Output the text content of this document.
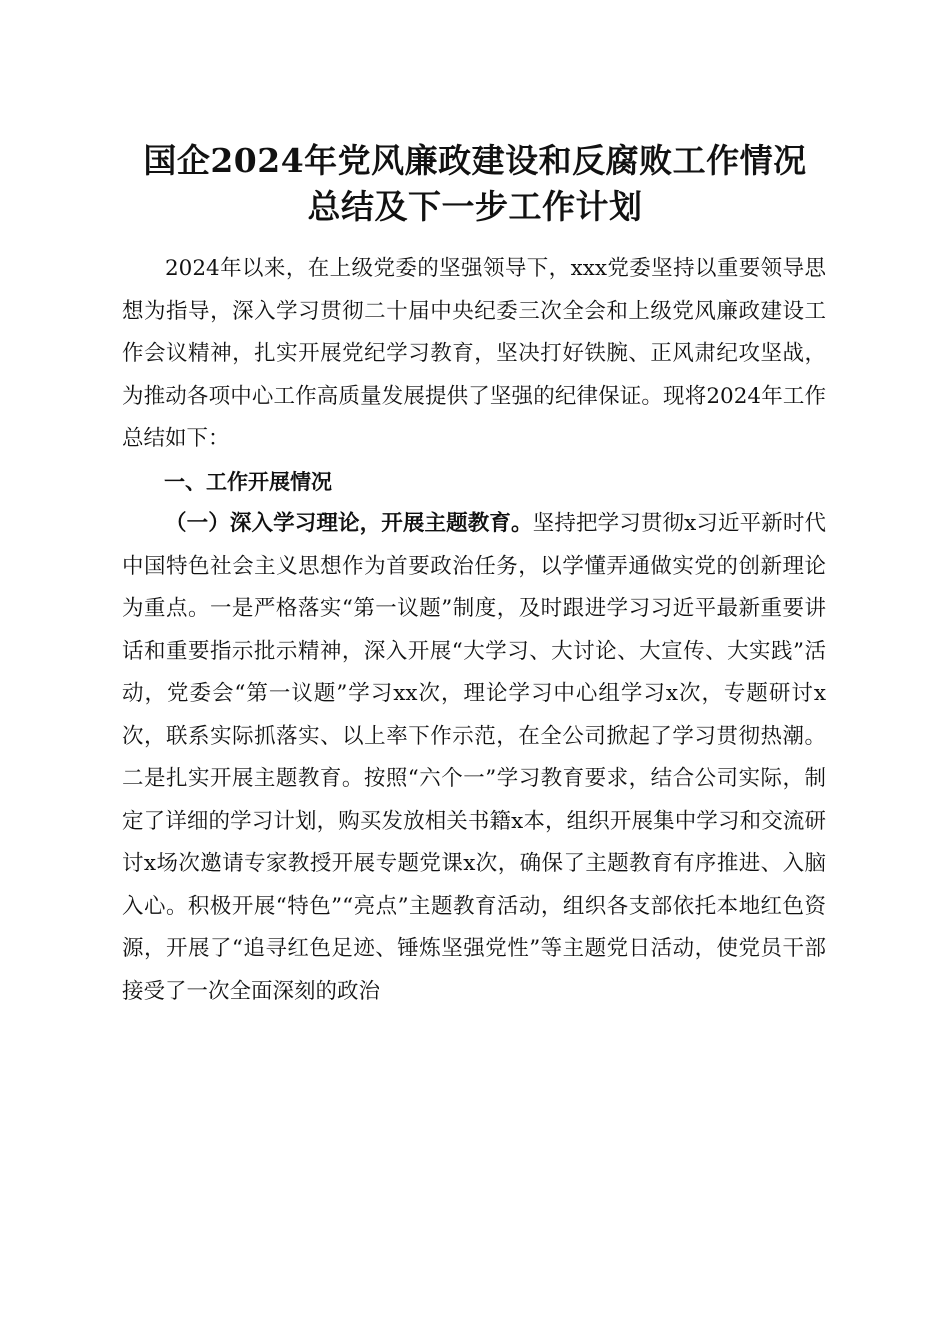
国企2024年党风廉政建设和反腐败工作情况
总结及下一步工作计划

2024年以来，在上级党委的坚强领导下，xxx党委坚持以重要领导思想为指导，深入学习贯彻二十届中央纪委三次全会和上级党风廉政建设工作会议精神，扎实开展党纪学习教育，坚决打好铁腕、正风肃纪攻坚战，为推动各项中心工作高质量发展提供了坚强的纪律保证。现将2024年工作总结如下：

一、工作开展情况

（一）深入学习理论，开展主题教育。坚持把学习贯彻x习近平新时代中国特色社会主义思想作为首要政治任务，以学懂弄通做实党的创新理论为重点。一是严格落实“第一议题”制度，及时跟进学习习近平最新重要讲话和重要指示批示精神，深入开展“大学习、大讨论、大宣传、大实践”活动，党委会“第一议题”学习xx次，理论学习中心组学习x次，专题研讨x次，联系实际抓落实、以上率下作示范，在全公司掀起了学习贯彻热潮。二是扎实开展主题教育。按照“六个一”学习教育要求，结合公司实际，制定了详细的学习计划，购买发放相关书籍x本，组织开展集中学习和交流研讨x场次邀请专家教授开展专题党课x次，确保了主题教育有序推进、入脑入心。积极开展“特色”“亮点”主题教育活动，组织各支部依托本地红色资源，开展了“追寻红色足迹、锤炼坚强党性”等主题党日活动，使党员干部接受了一次全面深刻的政治
